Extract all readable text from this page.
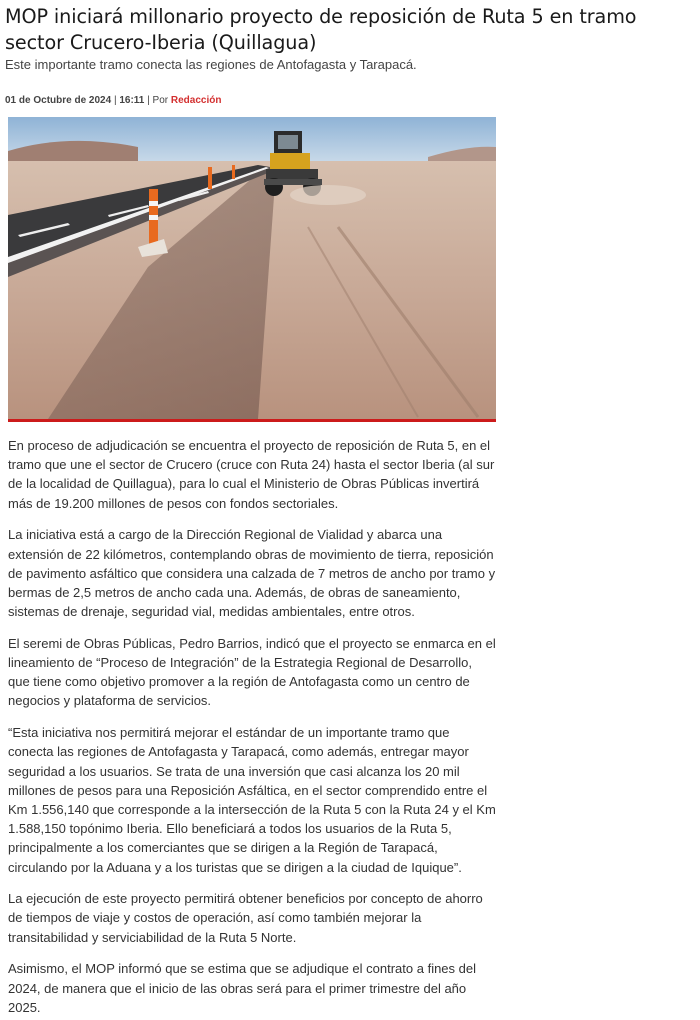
MOP iniciará millonario proyecto de reposición de Ruta 5 en tramo sector Crucero-Iberia (Quillagua)

Este importante tramo conecta las regiones de Antofagasta y Tarapacá.

01 de Octubre de 2024 | 16:11 | Por Redacción

En proceso de adjudicación se encuentra el proyecto de reposición de Ruta 5, en el tramo que une el sector de Crucero (cruce con Ruta 24) hasta el sector Iberia (al sur de la localidad de Quillagua), para lo cual el Ministerio de Obras Públicas invertirá más de 19.200 millones de pesos con fondos sectoriales.

La iniciativa está a cargo de la Dirección Regional de Vialidad y abarca una extensión de 22 kilómetros, contemplando obras de movimiento de tierra, reposición de pavimento asfáltico que considera una calzada de 7 metros de ancho por tramo y bermas de 2,5 metros de ancho cada una. Además, de obras de saneamiento, sistemas de drenaje, seguridad vial, medidas ambientales, entre otros.

El seremi de Obras Públicas, Pedro Barrios, indicó que el proyecto se enmarca en el lineamiento de “Proceso de Integración” de la Estrategia Regional de Desarrollo, que tiene como objetivo promover a la región de Antofagasta como un centro de negocios y plataforma de servicios.

“Esta iniciativa nos permitirá mejorar el estándar de un importante tramo que conecta las regiones de Antofagasta y Tarapacá, como además, entregar mayor seguridad a los usuarios. Se trata de una inversión que casi alcanza los 20 mil millones de pesos para una Reposición Asfáltica, en el sector comprendido entre el Km 1.556,140 que corresponde a la intersección de la Ruta 5 con la Ruta 24 y el Km 1.588,150 topónimo Iberia. Ello beneficiará a todos los usuarios de la Ruta 5, principalmente a los comerciantes que se dirigen a la Región de Tarapacá, circulando por la Aduana y a los turistas que se dirigen a la ciudad de Iquique”.

La ejecución de este proyecto permitirá obtener beneficios por concepto de ahorro de tiempos de viaje y costos de operación, así como también mejorar la transitabilidad y serviciabilidad de la Ruta 5 Norte.

Asimismo, el MOP informó que se estima que se adjudique el contrato a fines del 2024, de manera que el inicio de las obras será para el primer trimestre del año 2025.
